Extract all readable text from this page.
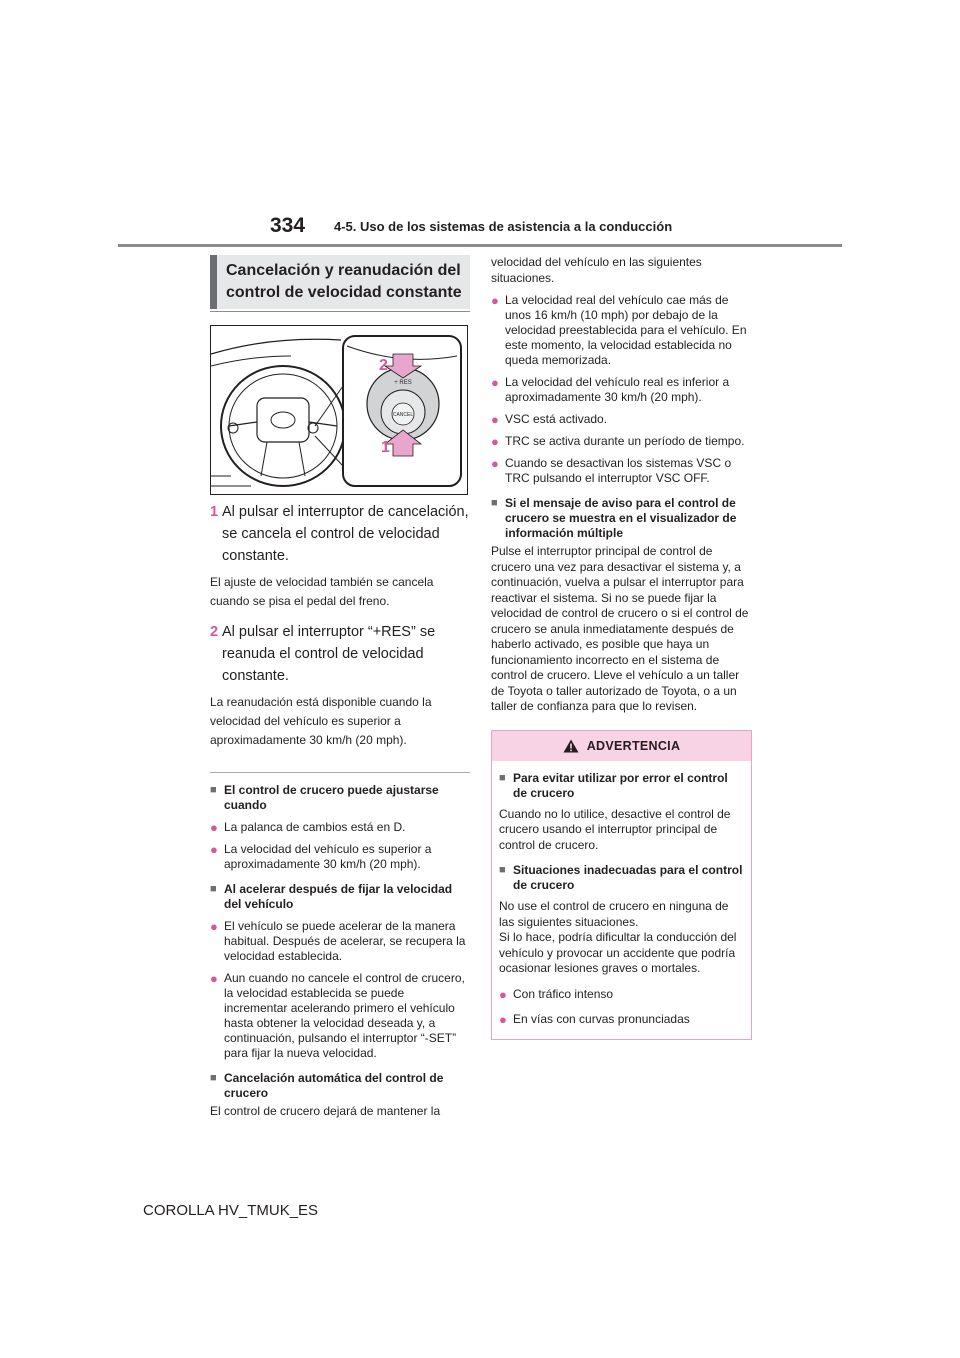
334 4-5. Uso de los sistemas de asistencia a la conducción
Cancelación y reanudación del
control de velocidad constante
+ RES
CANCEL
2
1
1 Al pulsar el interruptor de cancelación, se cancela el control de velocidad constante.
El ajuste de velocidad también se cancela cuando se pisa el pedal del freno.
2 Al pulsar el interruptor “+RES” se reanuda el control de velocidad constante.
La reanudación está disponible cuando la velocidad del vehículo es superior a aproximadamente 30 km/h (20 mph).
■ El control de crucero puede ajustarse cuando
● La palanca de cambios está en D.
● La velocidad del vehículo es superior a aproximadamente 30 km/h (20 mph).
■ Al acelerar después de fijar la velocidad del vehículo
● El vehículo se puede acelerar de la manera habitual. Después de acelerar, se recupera la velocidad establecida.
● Aun cuando no cancele el control de crucero, la velocidad establecida se puede incrementar acelerando primero el vehículo hasta obtener la velocidad deseada y, a continuación, pulsando el interruptor “-SET” para fijar la nueva velocidad.
■ Cancelación automática del control de crucero
El control de crucero dejará de mantener la
velocidad del vehículo en las siguientes situaciones.
● La velocidad real del vehículo cae más de unos 16 km/h (10 mph) por debajo de la velocidad preestablecida para el vehículo. En este momento, la velocidad establecida no queda memorizada.
● La velocidad del vehículo real es inferior a aproximadamente 30 km/h (20 mph).
● VSC está activado.
● TRC se activa durante un período de tiempo.
● Cuando se desactivan los sistemas VSC o TRC pulsando el interruptor VSC OFF.
■ Si el mensaje de aviso para el control de crucero se muestra en el visualizador de información múltiple
Pulse el interruptor principal de control de crucero una vez para desactivar el sistema y, a continuación, vuelva a pulsar el interruptor para reactivar el sistema. Si no se puede fijar la velocidad de control de crucero o si el control de crucero se anula inmediatamente después de haberlo activado, es posible que haya un funcionamiento incorrecto en el sistema de control de crucero. Lleve el vehículo a un taller de Toyota o taller autorizado de Toyota, o a un taller de confianza para que lo revisen.
ADVERTENCIA
■ Para evitar utilizar por error el control de crucero
Cuando no lo utilice, desactive el control de crucero usando el interruptor principal de control de crucero.
■ Situaciones inadecuadas para el control de crucero
No use el control de crucero en ninguna de las siguientes situaciones.
Si lo hace, podría dificultar la conducción del vehículo y provocar un accidente que podría ocasionar lesiones graves o mortales.
● Con tráfico intenso
● En vías con curvas pronunciadas
COROLLA HV_TMUK_ES
